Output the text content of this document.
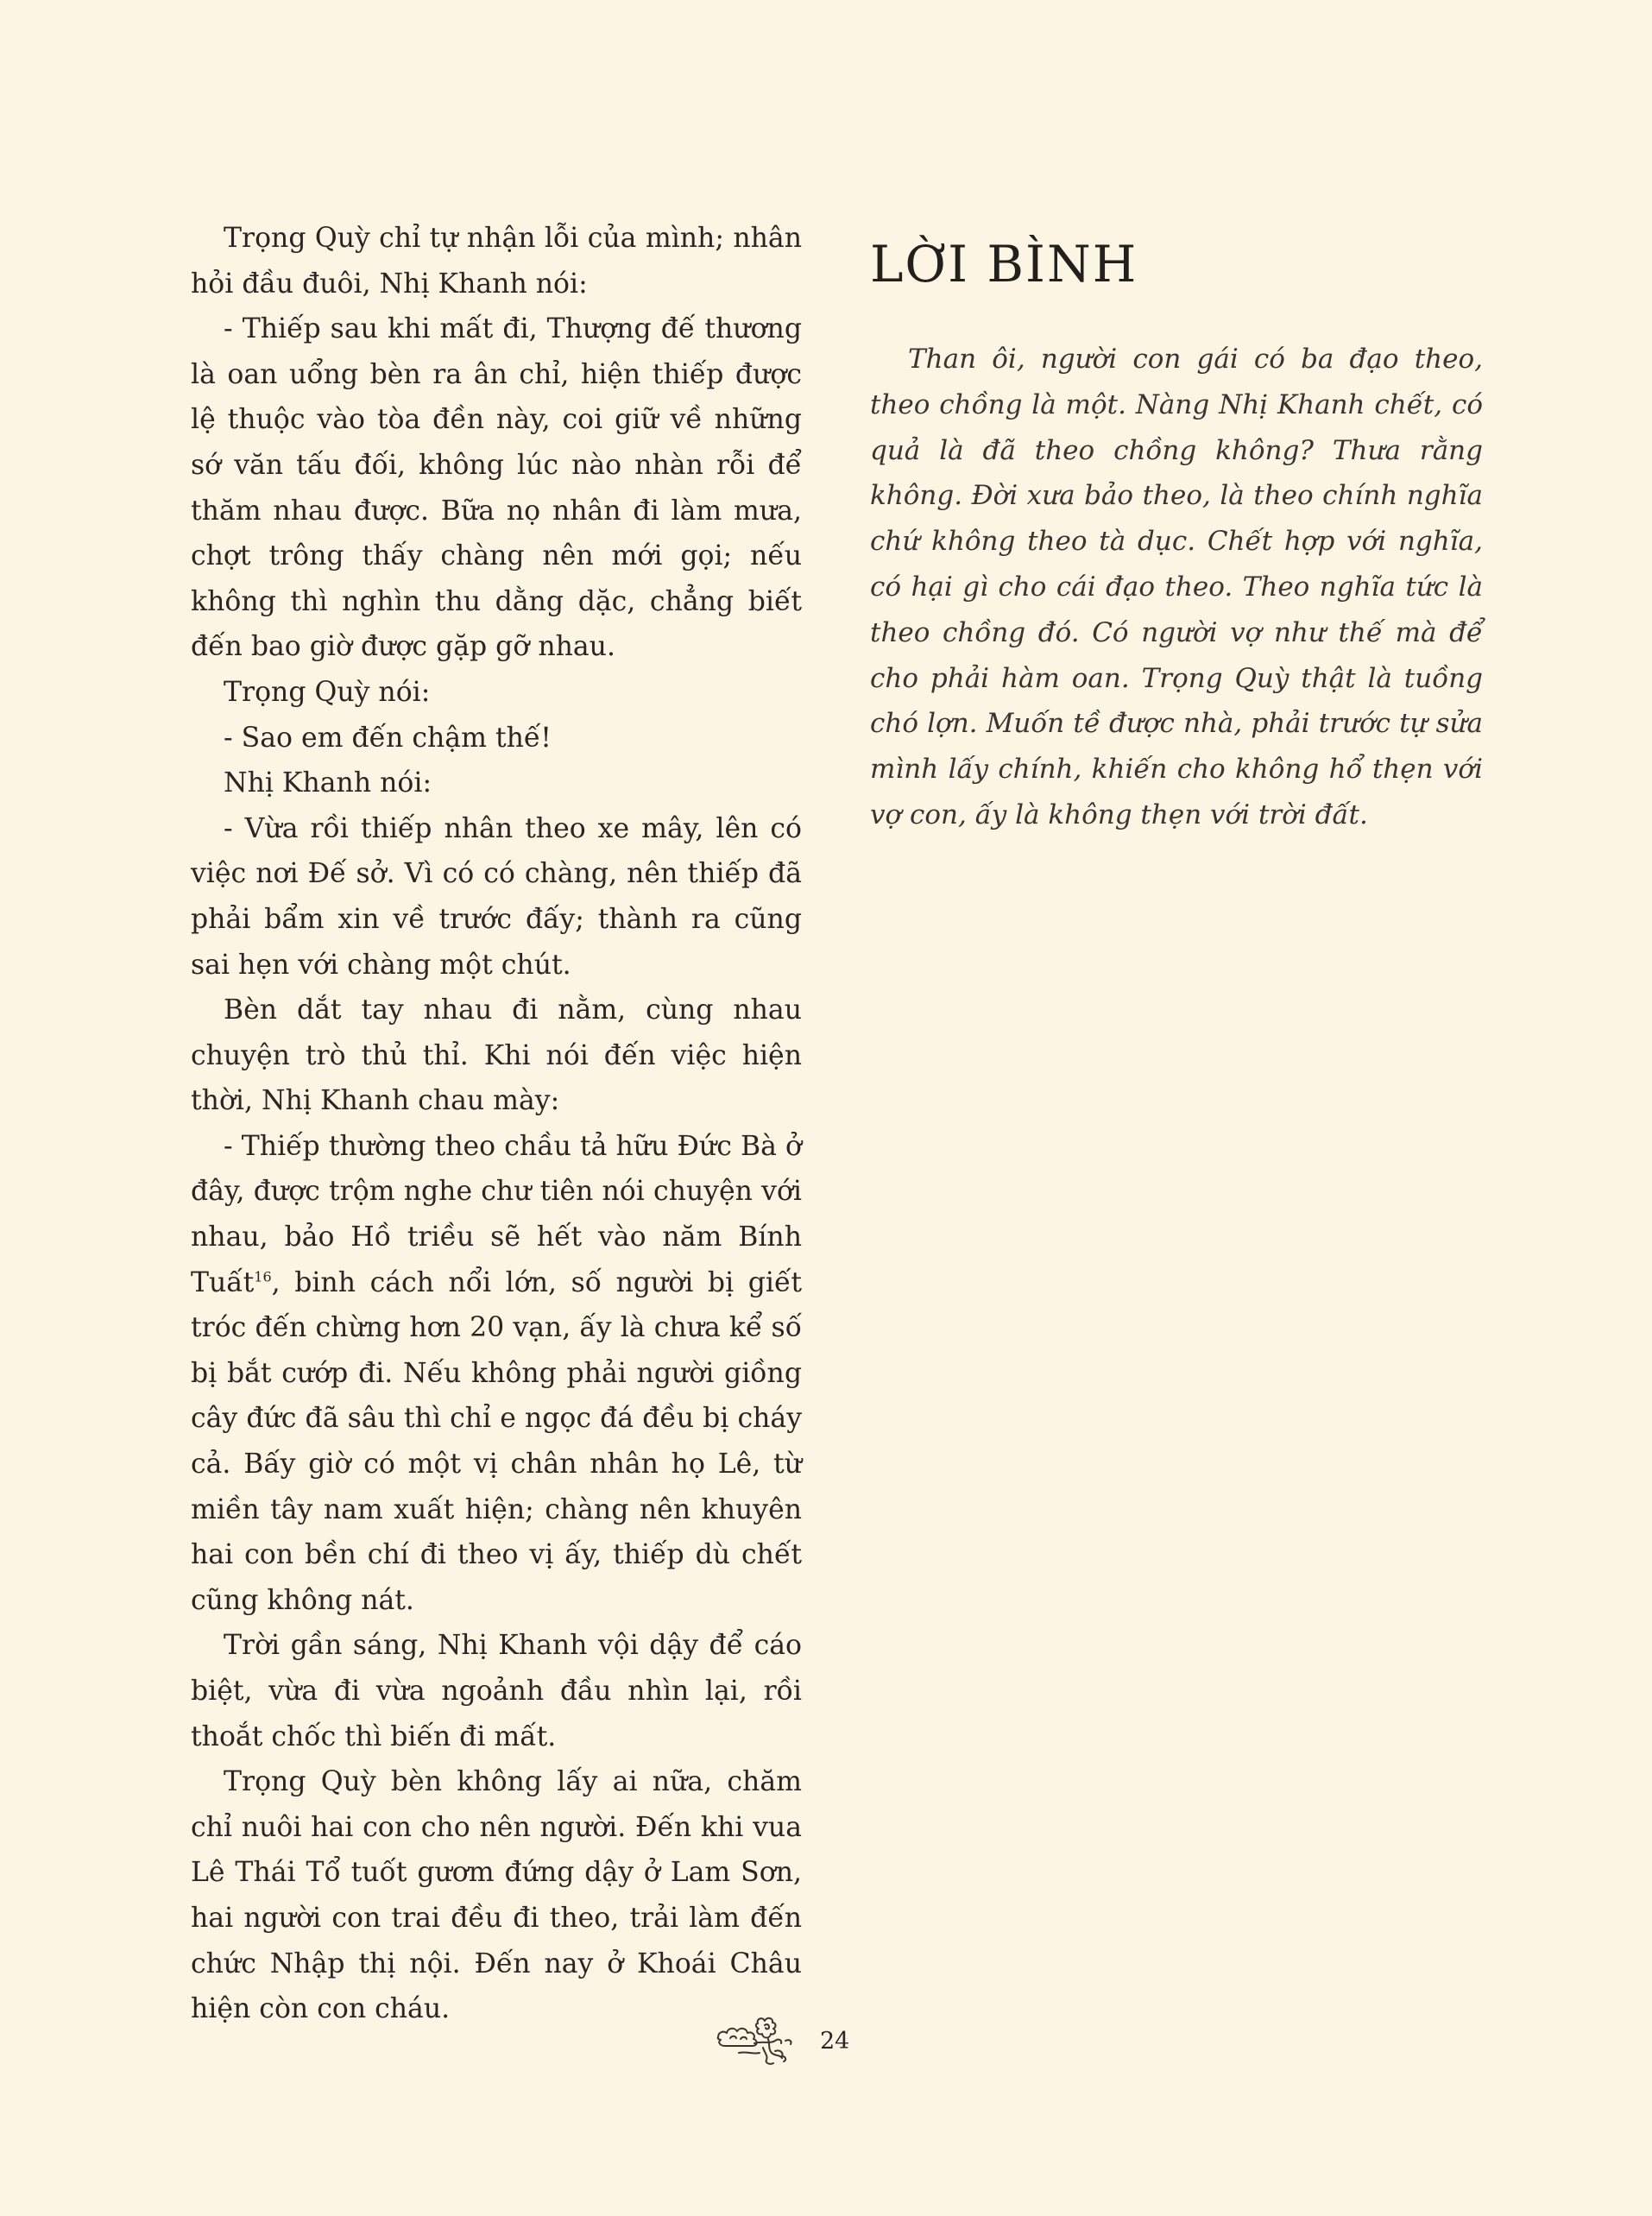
Trọng Quỳ chỉ tự nhận lỗi của mình; nhân hỏi đầu đuôi, Nhị Khanh nói:

- Thiếp sau khi mất đi, Thượng đế thương là oan uổng bèn ra ân chỉ, hiện thiếp được lệ thuộc vào tòa đền này, coi giữ về những sớ văn tấu đối, không lúc nào nhàn rỗi để thăm nhau được. Bữa nọ nhân đi làm mưa, chợt trông thấy chàng nên mới gọi; nếu không thì nghìn thu dằng dặc, chẳng biết đến bao giờ được gặp gỡ nhau.

Trọng Quỳ nói:

- Sao em đến chậm thế!

Nhị Khanh nói:

- Vừa rồi thiếp nhân theo xe mây, lên có việc nơi Đế sở. Vì có có chàng, nên thiếp đã phải bẩm xin về trước đấy; thành ra cũng sai hẹn với chàng một chút.

Bèn dắt tay nhau đi nằm, cùng nhau chuyện trò thủ thỉ. Khi nói đến việc hiện thời, Nhị Khanh chau mày:

- Thiếp thường theo chầu tả hữu Đức Bà ở đây, được trộm nghe chư tiên nói chuyện với nhau, bảo Hồ triều sẽ hết vào năm Bính Tuất$^{16}$, binh cách nổi lớn, số người bị giết tróc đến chừng hơn 20 vạn, ấy là chưa kể số bị bắt cướp đi. Nếu không phải người giồng cây đức đã sâu thì chỉ e ngọc đá đều bị cháy cả. Bấy giờ có một vị chân nhân họ Lê, từ miền tây nam xuất hiện; chàng nên khuyên hai con bền chí đi theo vị ấy, thiếp dù chết cũng không nát.

Trời gần sáng, Nhị Khanh vội dậy để cáo biệt, vừa đi vừa ngoảnh đầu nhìn lại, rồi thoắt chốc thì biến đi mất.

Trọng Quỳ bèn không lấy ai nữa, chăm chỉ nuôi hai con cho nên người. Đến khi vua Lê Thái Tổ tuốt gươm đứng dậy ở Lam Sơn, hai người con trai đều đi theo, trải làm đến chức Nhập thị nội. Đến nay ở Khoái Châu hiện còn con cháu.

LỜI BÌNH

Than ôi, người con gái có ba đạo theo, theo chồng là một. Nàng Nhị Khanh chết, có quả là đã theo chồng không? Thưa rằng không. Đời xưa bảo theo, là theo chính nghĩa chứ không theo tà dục. Chết hợp với nghĩa, có hại gì cho cái đạo theo. Theo nghĩa tức là theo chồng đó. Có người vợ như thế mà để cho phải hàm oan. Trọng Quỳ thật là tuồng chó lợn. Muốn tề được nhà, phải trước tự sửa mình lấy chính, khiến cho không hổ thẹn với vợ con, ấy là không thẹn với trời đất.

24
